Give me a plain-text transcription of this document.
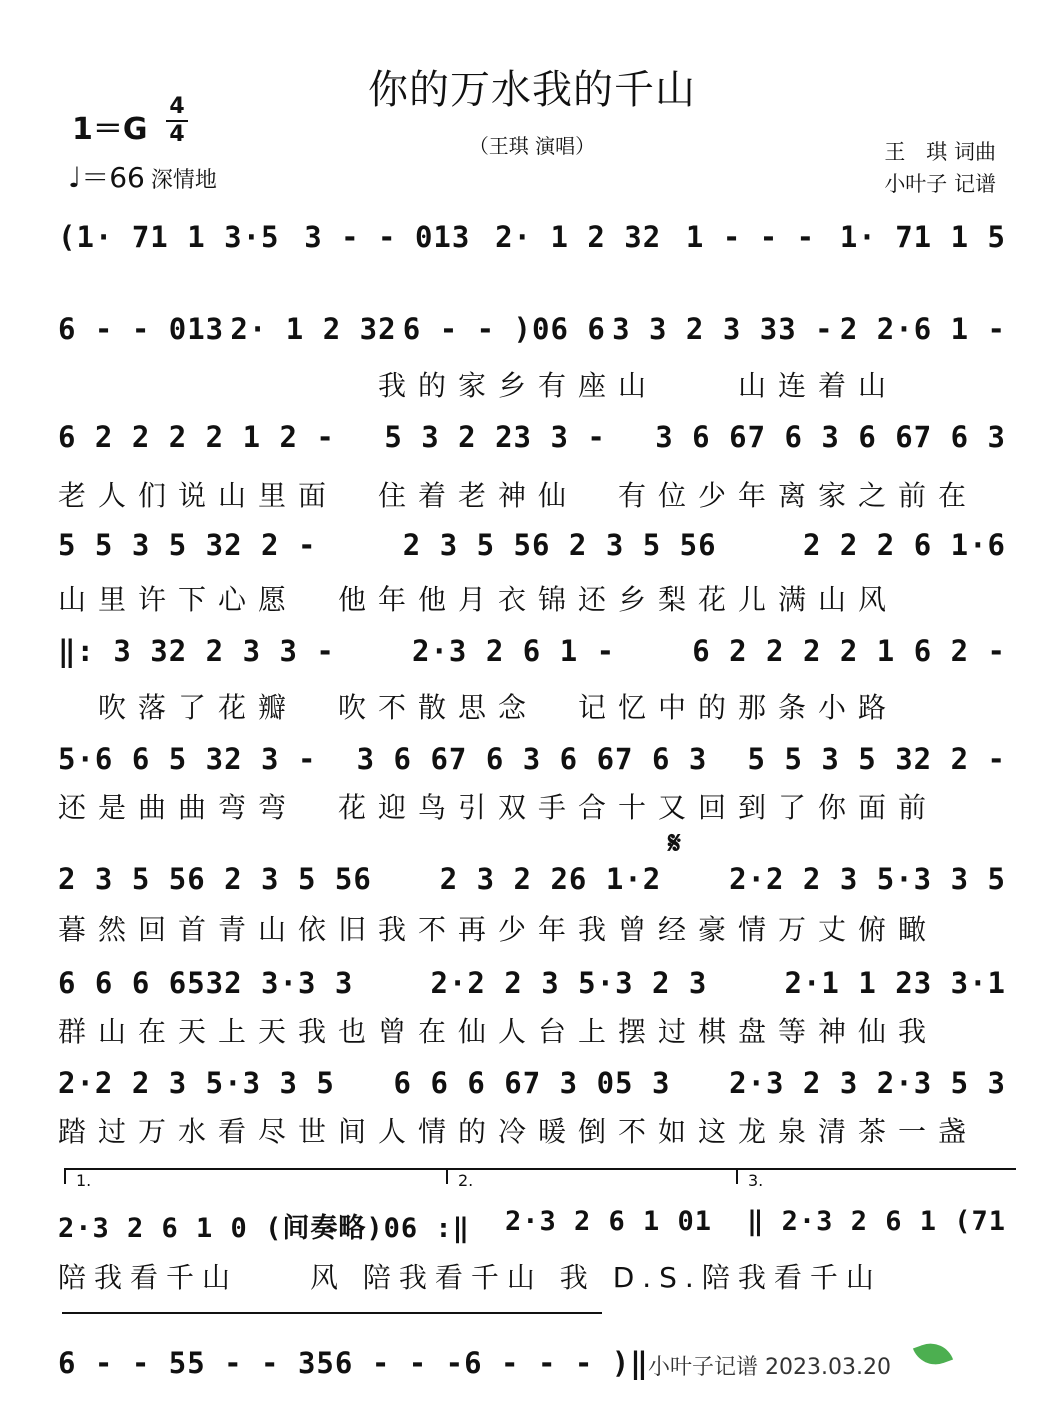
你的万水我的千山
1＝G
4
4
♩＝66 深情地
（王琪 演唱）	王　琪 词曲
小叶子 记谱
(1· 71 1 3·5 3 - - 013 2· 1 2 32 1 - - - 1· 71 1 5
6 - - 013 2· 1 2 32 6 - - )06 6 3 3 2 3 33 - 2 2·6 1 -
　　　　　　　　我的家乡有座山　　山连着山
6 2 2 2 2 1 2 - 5 3 2 23 3 - 3 6 67 6 3 6 67 6 3
老人们说山里面　住着老神仙　有位少年离家之前在
5 5 3 5 32 2 -	2 3 5 56 2 3 5 56	2 2 2 6 1·6
山里许下心愿　他年他月衣锦还乡梨花儿满山风
‖: 3 32 2 3 3 -	2·3 2 6 1 -	6 2 2 2 2 1 6 2 -
　吹落了花瓣　吹不散思念　记忆中的那条小路
5·6 6 5 32 3 - 3 6 67 6 3 6 67 6 3 5 5 3 5 32 2 -
还是曲曲弯弯　花迎鸟引双手合十又回到了你面前
𝄋
2 3 5 56 2 3 5 56 2 3 2 26 1·2 2·2 2 3 5·3 3 5
暮然回首青山依旧我不再少年我曾经豪情万丈俯瞰
6 6 6 6532 3·3 3	2·2 2 3 5·3 2 3	2·1 1 23 3·1
群山在天上天我也曾在仙人台上摆过棋盘等神仙我
2·2 2 3 5·3 3 5 6 6 6 67 3 05 3 2·3 2 3 2·3 5 3
踏过万水看尽世间人情的冷暖倒不如这龙泉清茶一盏
1.	2.	3.
2·3 2 6 1 0 (间奏略)06 :‖ 2·3 2 6 1 01 ‖ 2·3 2 6 1 (71
陪我看千山　　风 陪我看千山 我 D.S.陪我看千山
6 - - 5 5 - - 35 6 - - - 6 - - - )‖ 小叶子记谱 2023.03.20
